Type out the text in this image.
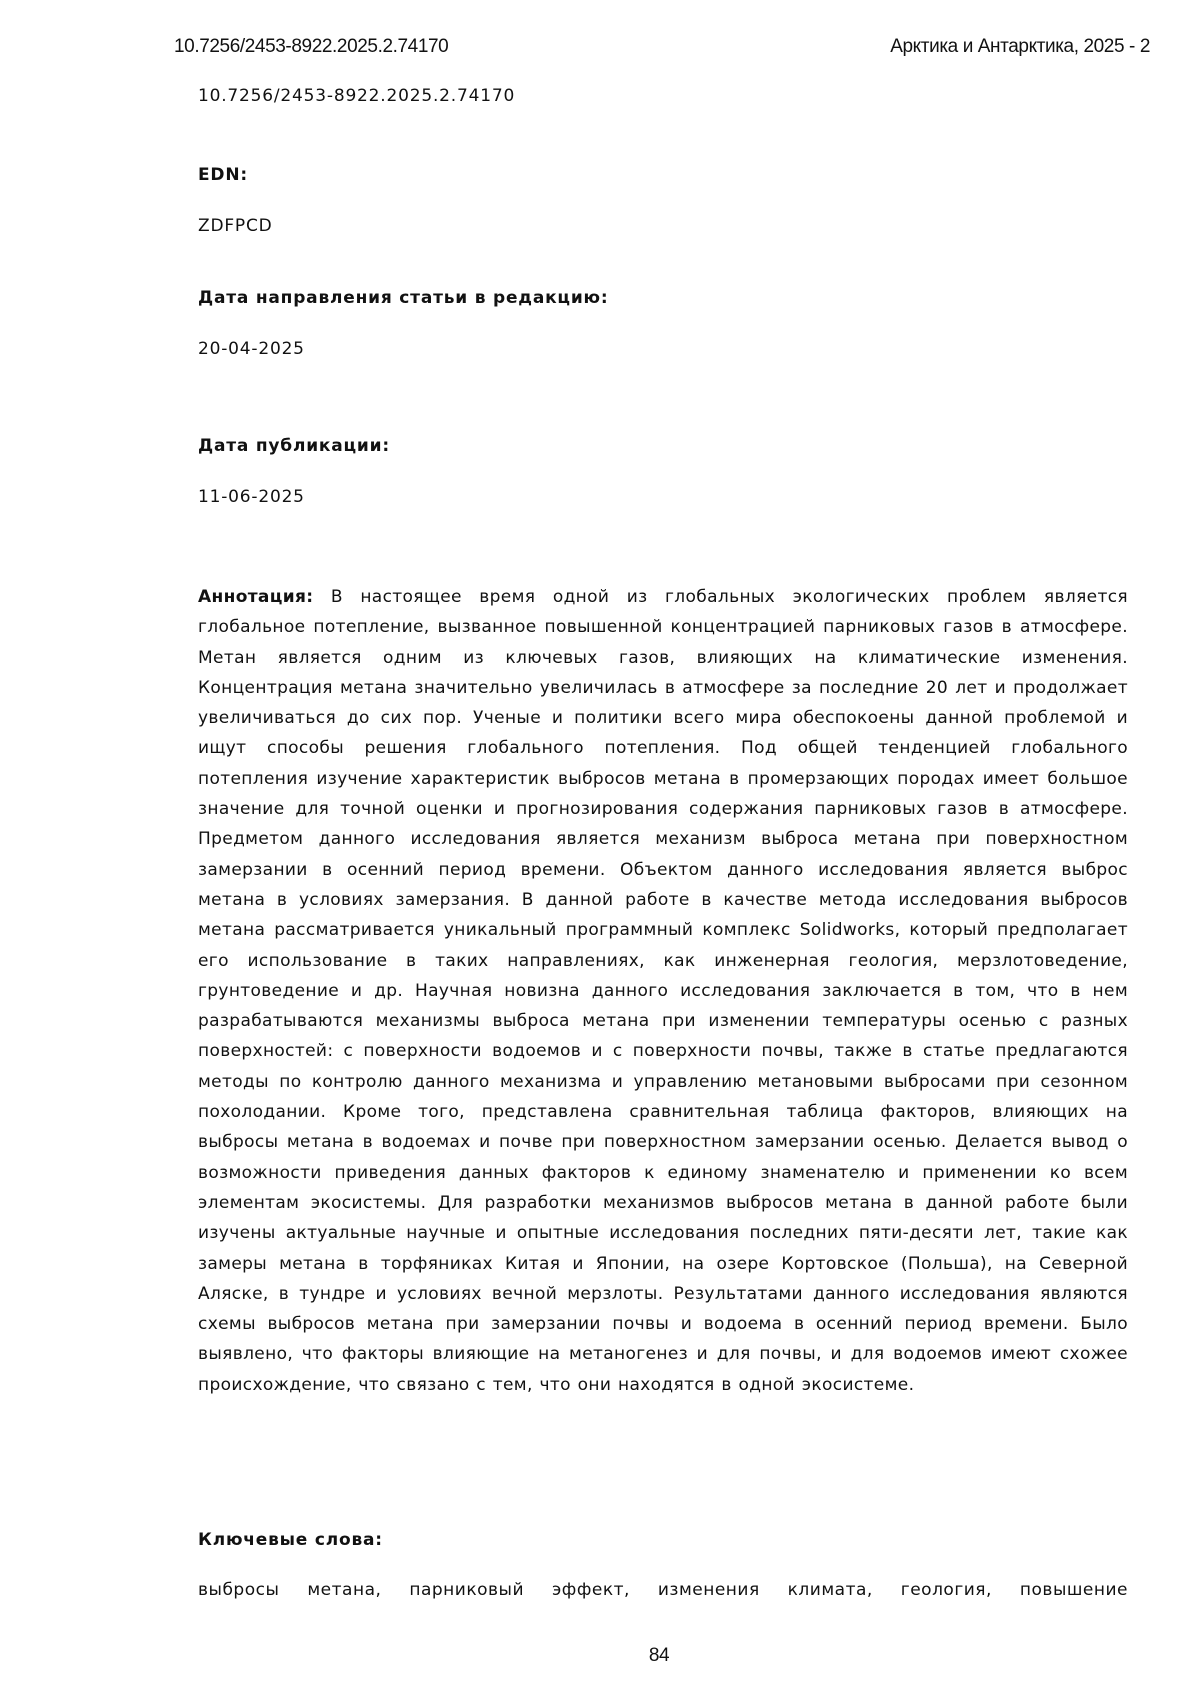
10.7256/2453-8922.2025.2.74170	Арктика и Антарктика, 2025 - 2
10.7256/2453-8922.2025.2.74170
EDN:
ZDFPCD
Дата направления статьи в редакцию:
20-04-2025
Дата публикации:
11-06-2025
Аннотация: В настоящее время одной из глобальных экологических проблем является глобальное потепление, вызванное повышенной концентрацией парниковых газов в атмосфере. Метан является одним из ключевых газов, влияющих на климатические изменения. Концентрация метана значительно увеличилась в атмосфере за последние 20 лет и продолжает увеличиваться до сих пор. Ученые и политики всего мира обеспокоены данной проблемой и ищут способы решения глобального потепления. Под общей тенденцией глобального потепления изучение характеристик выбросов метана в промерзающих породах имеет большое значение для точной оценки и прогнозирования содержания парниковых газов в атмосфере. Предметом данного исследования является механизм выброса метана при поверхностном замерзании в осенний период времени. Объектом данного исследования является выброс метана в условиях замерзания. В данной работе в качестве метода исследования выбросов метана рассматривается уникальный программный комплекс Solidworks, который предполагает его использование в таких направлениях, как инженерная геология, мерзлотоведение, грунтоведение и др. Научная новизна данного исследования заключается в том, что в нем разрабатываются механизмы выброса метана при изменении температуры осенью с разных поверхностей: с поверхности водоемов и с поверхности почвы, также в статье предлагаются методы по контролю данного механизма и управлению метановыми выбросами при сезонном похолодании. Кроме того, представлена сравнительная таблица факторов, влияющих на выбросы метана в водоемах и почве при поверхностном замерзании осенью. Делается вывод о возможности приведения данных факторов к единому знаменателю и применении ко всем элементам экосистемы. Для разработки механизмов выбросов метана в данной работе были изучены актуальные научные и опытные исследования последних пяти-десяти лет, такие как замеры метана в торфяниках Китая и Японии, на озере Кортовское (Польша), на Северной Аляске, в тундре и условиях вечной мерзлоты. Результатами данного исследования являются схемы выбросов метана при замерзании почвы и водоема в осенний период времени. Было выявлено, что факторы влияющие на метаногенез и для почвы, и для водоемов имеют схожее происхождение, что связано с тем, что они находятся в одной экосистеме.
Ключевые слова:
выбросы метана, парниковый эффект, изменения климата, геология, повышение
84
